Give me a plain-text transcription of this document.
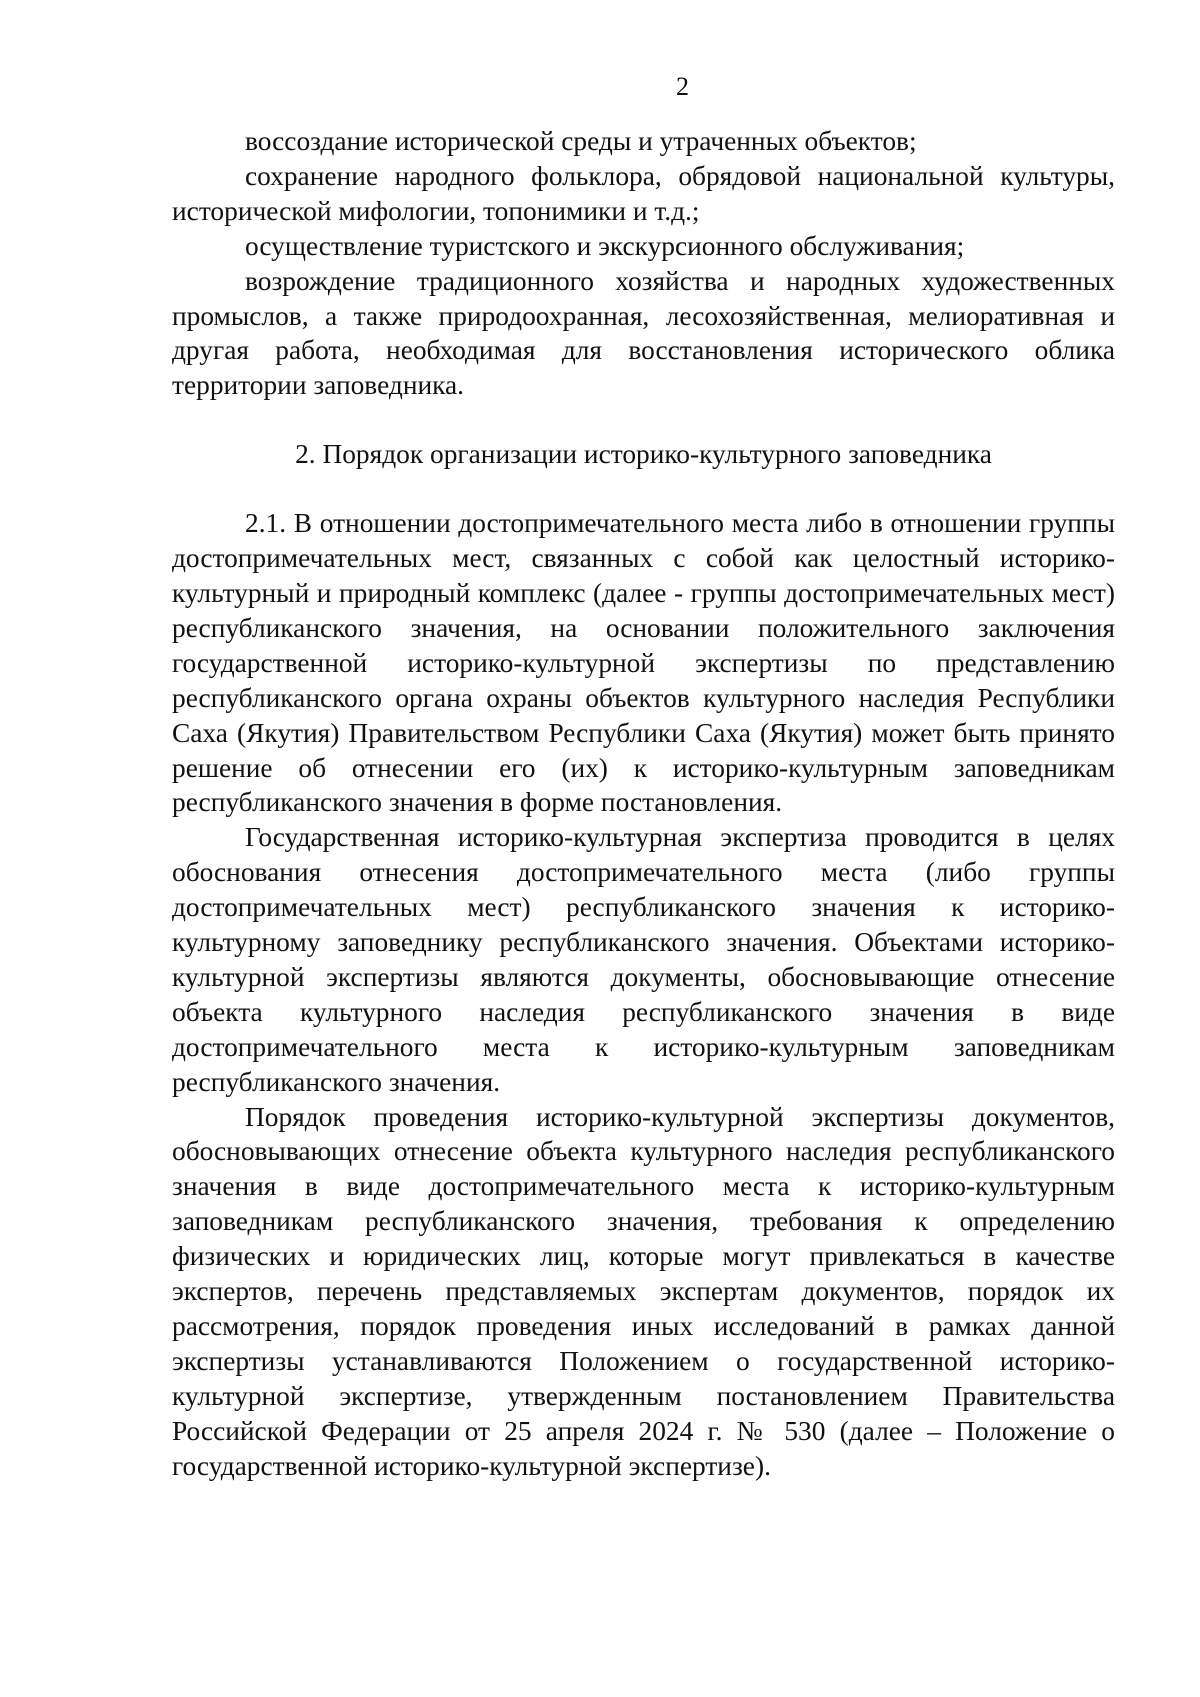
2

воссоздание исторической среды и утраченных объектов;

сохранение народного фольклора, обрядовой национальной культуры, исторической мифологии, топонимики и т.д.;

осуществление туристского и экскурсионного обслуживания;

возрождение традиционного хозяйства и народных художественных промыслов, а также природоохранная, лесохозяйственная, мелиоративная и другая работа, необходимая для восстановления исторического облика территории заповедника.

2. Порядок организации историко-культурного заповедника

2.1. В отношении достопримечательного места либо в отношении группы достопримечательных мест, связанных с собой как целостный историко-культурный и природный комплекс (далее - группы достопримечательных мест) республиканского значения, на основании положительного заключения государственной историко-культурной экспертизы по представлению республиканского органа охраны объектов культурного наследия Республики Саха (Якутия) Правительством Республики Саха (Якутия) может быть принято решение об отнесении его (их) к историко-культурным заповедникам республиканского значения в форме постановления.

Государственная историко-культурная экспертиза проводится в целях обоснования отнесения достопримечательного места (либо группы достопримечательных мест) республиканского значения к историко-культурному заповеднику республиканского значения. Объектами историко-культурной экспертизы являются документы, обосновывающие отнесение объекта культурного наследия республиканского значения в виде достопримечательного места к историко-культурным заповедникам республиканского значения.

Порядок проведения историко-культурной экспертизы документов, обосновывающих отнесение объекта культурного наследия республиканского значения в виде достопримечательного места к историко-культурным заповедникам республиканского значения, требования к определению физических и юридических лиц, которые могут привлекаться в качестве экспертов, перечень представляемых экспертам документов, порядок их рассмотрения, порядок проведения иных исследований в рамках данной экспертизы устанавливаются Положением о государственной историко-культурной экспертизе, утвержденным постановлением Правительства Российской Федерации от 25 апреля 2024 г. № 530 (далее – Положение о государственной историко-культурной экспертизе).
